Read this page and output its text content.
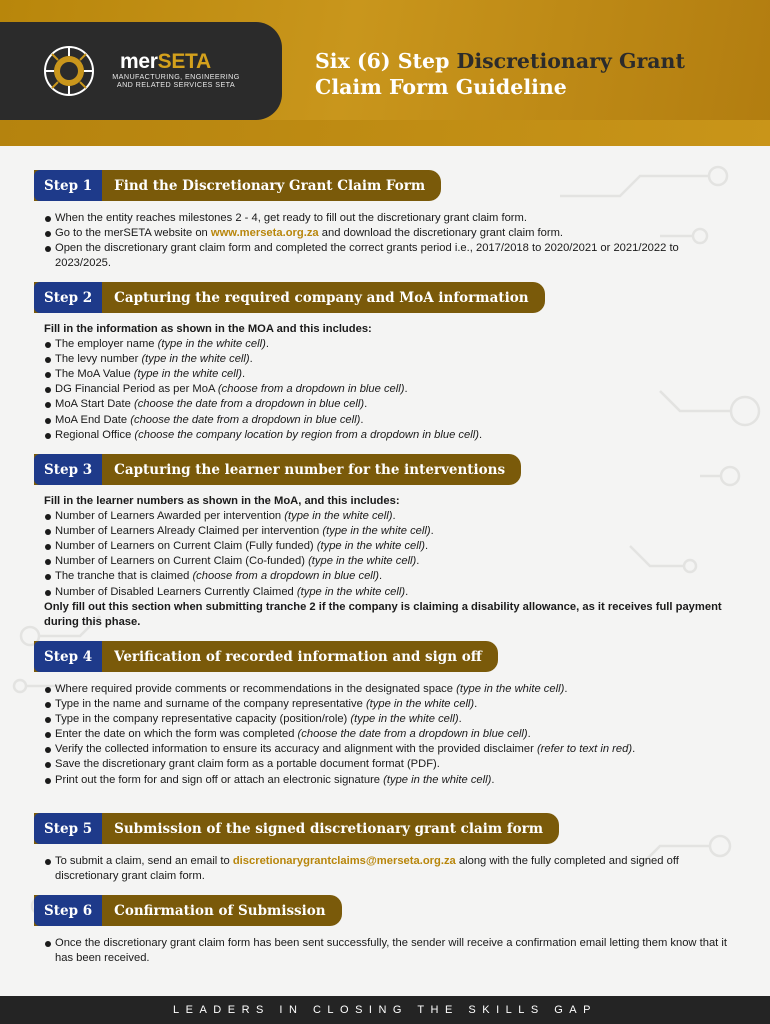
merSETA
MANUFACTURING, ENGINEERING
AND RELATED SERVICES SETA
Six (6) Step Discretionary Grant
Claim Form Guideline
Step 1	Find the Discretionary Grant Claim Form
When the entity reaches milestones 2 - 4, get ready to fill out the discretionary grant claim form.
Go to the merSETA website on www.merseta.org.za and download the discretionary grant claim form.
Open the discretionary grant claim form and completed the correct grants period i.e., 2017/2018 to 2020/2021 or 2021/2022 to 2023/2025.
Step 2	Capturing the required company and MoA information
Fill in the information as shown in the MOA and this includes:
The employer name (type in the white cell).
The levy number (type in the white cell).
The MoA Value (type in the white cell).
DG Financial Period as per MoA (choose from a dropdown in blue cell).
MoA Start Date (choose the date from a dropdown in blue cell).
MoA End Date (choose the date from a dropdown in blue cell).
Regional Office (choose the company location by region from a dropdown in blue cell).
Step 3	Capturing the learner number for the interventions
Fill in the learner numbers as shown in the MoA, and this includes:
Number of Learners Awarded per intervention (type in the white cell).
Number of Learners Already Claimed per intervention (type in the white cell).
Number of Learners on Current Claim (Fully funded) (type in the white cell).
Number of Learners on Current Claim (Co-funded) (type in the white cell).
The tranche that is claimed (choose from a dropdown in blue cell).
Number of Disabled Learners Currently Claimed (type in the white cell).
Only fill out this section when submitting tranche 2 if the company is claiming a disability allowance, as it receives full payment during this phase.
Step 4	Verification of recorded information and sign off
Where required provide comments or recommendations in the designated space (type in the white cell).
Type in the name and surname of the company representative (type in the white cell).
Type in the company representative capacity (position/role) (type in the white cell).
Enter the date on which the form was completed (choose the date from a dropdown in blue cell).
Verify the collected information to ensure its accuracy and alignment with the provided disclaimer (refer to text in red).
Save the discretionary grant claim form as a portable document format (PDF).
Print out the form for and sign off or attach an electronic signature (type in the white cell).
Step 5	Submission of the signed discretionary grant claim form
To submit a claim, send an email to discretionarygrantclaims@merseta.org.za along with the fully completed and signed off discretionary grant claim form.
Step 6	Confirmation of Submission
Once the discretionary grant claim form has been sent successfully, the sender will receive a confirmation email letting them know that it has been received.
LEADERS IN CLOSING THE SKILLS GAP
